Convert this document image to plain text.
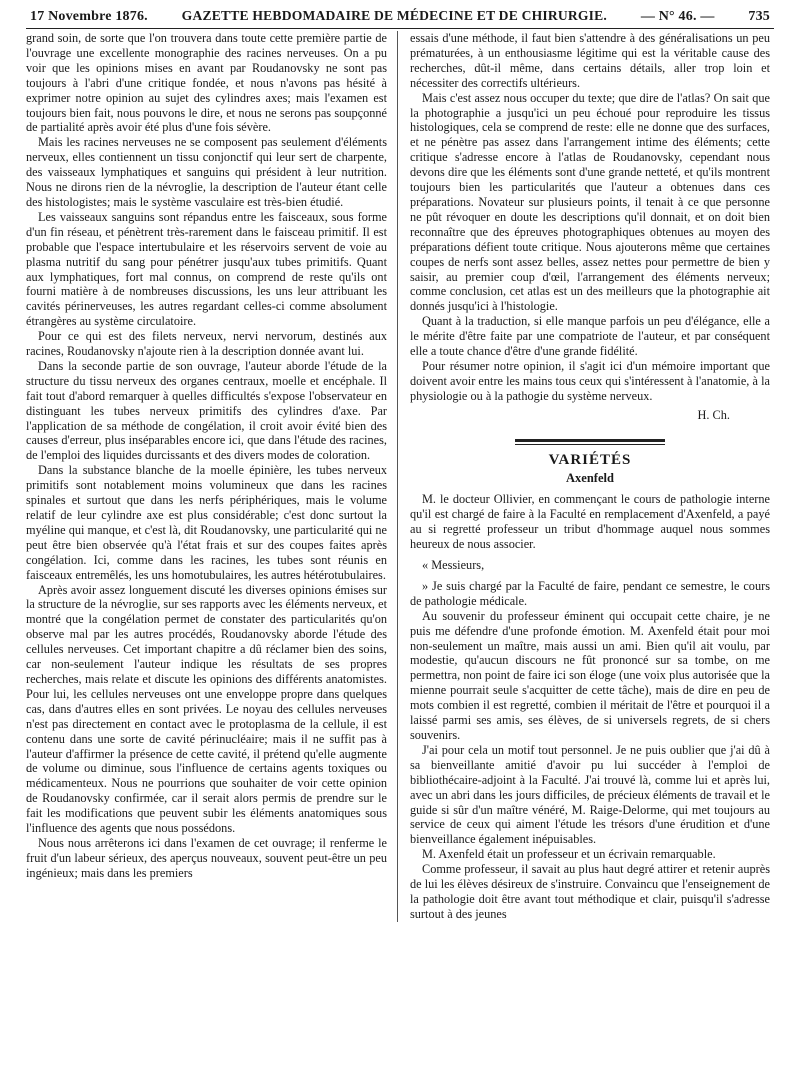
17 Novembre 1876. GAZETTE HEBDOMADAIRE DE MÉDECINE ET DE CHIRURGIE. — N° 46. — 735

grand soin, de sorte que l'on trouvera dans toute cette première partie de l'ouvrage une excellente monographie des racines nerveuses. On a pu voir que les opinions mises en avant par Roudanovsky ne sont pas toujours à l'abri d'une critique fondée, et nous n'avons pas hésité à exprimer notre opinion au sujet des cylindres axes; mais l'examen est toujours bien fait, nous pouvons le dire, et nous ne serons pas soupçonné de partialité après avoir été plus d'une fois sévère.

Mais les racines nerveuses ne se composent pas seulement d'éléments nerveux, elles contiennent un tissu conjonctif qui leur sert de charpente, des vaisseaux lymphatiques et sanguins qui président à leur nutrition. Nous ne dirons rien de la névroglie, la description de l'auteur étant celle des histologistes; mais le système vasculaire est très-bien étudié.

Les vaisseaux sanguins sont répandus entre les faisceaux, sous forme d'un fin réseau, et pénètrent très-rarement dans le faisceau primitif. Il est probable que l'espace intertubulaire et les réservoirs servent de voie au plasma nutritif du sang pour pénétrer jusqu'aux tubes primitifs. Quant aux lymphatiques, fort mal connus, on comprend de reste qu'ils ont fourni matière à de nombreuses discussions, les uns leur attribuant les cavités périnerveuses, les autres regardant celles-ci comme absolument étrangères au système circulatoire.

Pour ce qui est des filets nerveux, nervi nervorum, destinés aux racines, Roudanovsky n'ajoute rien à la description donnée avant lui.

Dans la seconde partie de son ouvrage, l'auteur aborde l'étude de la structure du tissu nerveux des organes centraux, moelle et encéphale. Il fait tout d'abord remarquer à quelles difficultés s'expose l'observateur en distinguant les tubes nerveux primitifs des cylindres d'axe. Par l'application de sa méthode de congélation, il croit avoir évité bien des causes d'erreur, plus inséparables encore ici, que dans l'étude des racines, de l'emploi des liquides durcissants et des divers modes de coloration.

Dans la substance blanche de la moelle épinière, les tubes nerveux primitifs sont notablement moins volumineux que dans les racines spinales et surtout que dans les nerfs périphériques, mais le volume relatif de leur cylindre axe est plus considérable; c'est donc surtout la myéline qui manque, et c'est là, dit Roudanovsky, une particularité qui ne peut être bien observée qu'à l'état frais et sur des coupes faites après congélation. Ici, comme dans les racines, les tubes sont réunis en faisceaux entremêlés, les uns homotubulaires, les autres hétérotubulaires.

Après avoir assez longuement discuté les diverses opinions émises sur la structure de la névroglie, sur ses rapports avec les éléments nerveux, et montré que la congélation permet de constater des particularités qu'on observe mal par les autres procédés, Roudanovsky aborde l'étude des cellules nerveuses. Cet important chapitre a dû réclamer bien des soins, car non-seulement l'auteur indique les résultats de ses propres recherches, mais relate et discute les opinions des différents anatomistes. Pour lui, les cellules nerveuses ont une enveloppe propre dans quelques cas, dans d'autres elles en sont privées. Le noyau des cellules nerveuses n'est pas directement en contact avec le protoplasma de la cellule, il est contenu dans une sorte de cavité périnucléaire; mais il ne suffit pas à l'auteur d'affirmer la présence de cette cavité, il prétend qu'elle augmente de volume ou diminue, sous l'influence de certains agents toxiques ou médicamenteux. Nous ne pourrions que souhaiter de voir cette opinion de Roudanovsky confirmée, car il serait alors permis de prendre sur le fait les modifications que peuvent subir les éléments anatomiques sous l'influence des agents que nous possédons.

Nous nous arrêterons ici dans l'examen de cet ouvrage; il renferme le fruit d'un labeur sérieux, des aperçus nouveaux, souvent peut-être un peu ingénieux; mais dans les premiers

essais d'une méthode, il faut bien s'attendre à des généralisations un peu prématurées, à un enthousiasme légitime qui est la véritable cause des recherches, dût-il même, dans certains détails, aller trop loin et nécessiter des correctifs ultérieurs.

Mais c'est assez nous occuper du texte; que dire de l'atlas? On sait que la photographie a jusqu'ici un peu échoué pour reproduire les tissus histologiques, cela se comprend de reste: elle ne donne que des surfaces, et ne pénètre pas assez dans l'arrangement intime des éléments; cette critique s'adresse encore à l'atlas de Roudanovsky, cependant nous devons dire que les éléments sont d'une grande netteté, et qu'ils montrent toujours bien les particularités que l'auteur a obtenues dans ces préparations. Novateur sur plusieurs points, il tenait à ce que personne ne pût révoquer en doute les descriptions qu'il donnait, et on doit bien reconnaître que des épreuves photographiques obtenues au moyen des préparations défient toute critique. Nous ajouterons même que certaines coupes de nerfs sont assez belles, assez nettes pour permettre de bien y saisir, au premier coup d'œil, l'arrangement des éléments nerveux; comme conclusion, cet atlas est un des meilleurs que la photographie ait donnés jusqu'ici à l'histologie.

Quant à la traduction, si elle manque parfois un peu d'élégance, elle a le mérite d'être faite par une compatriote de l'auteur, et par conséquent elle a toute chance d'être d'une grande fidélité.

Pour résumer notre opinion, il s'agit ici d'un mémoire important que doivent avoir entre les mains tous ceux qui s'intéressent à l'anatomie, à la physiologie ou à la pathogie du système nerveux.

H. Ch.

VARIÉTÉS
Axenfeld

M. le docteur Ollivier, en commençant le cours de pathologie interne qu'il est chargé de faire à la Faculté en remplacement d'Axenfeld, a payé au si regretté professeur un tribut d'hommage auquel nous sommes heureux de nous associer.

« Messieurs,

» Je suis chargé par la Faculté de faire, pendant ce semestre, le cours de pathologie médicale.

Au souvenir du professeur éminent qui occupait cette chaire, je ne puis me défendre d'une profonde émotion. M. Axenfeld était pour moi non-seulement un maître, mais aussi un ami. Bien qu'il ait voulu, par modestie, qu'aucun discours ne fût prononcé sur sa tombe, on me permettra, non point de faire ici son éloge (une voix plus autorisée que la mienne pourrait seule s'acquitter de cette tâche), mais de dire en peu de mots combien il est regretté, combien il méritait de l'être et pourquoi il a laissé parmi ses amis, ses élèves, de si universels regrets, de si chers souvenirs.

J'ai pour cela un motif tout personnel. Je ne puis oublier que j'ai dû à sa bienveillante amitié d'avoir pu lui succéder à l'emploi de bibliothécaire-adjoint à la Faculté. J'ai trouvé là, comme lui et après lui, avec un abri dans les jours difficiles, de précieux éléments de travail et le guide si sûr d'un maître vénéré, M. Raige-Delorme, qui met toujours au service de ceux qui aiment l'étude les trésors d'une érudition et d'une bienveillance également inépuisables.

M. Axenfeld était un professeur et un écrivain remarquable.

Comme professeur, il savait au plus haut degré attirer et retenir auprès de lui les élèves désireux de s'instruire. Convaincu que l'enseignement de la pathologie doit être avant tout méthodique et clair, puisqu'il s'adresse surtout à des jeunes
